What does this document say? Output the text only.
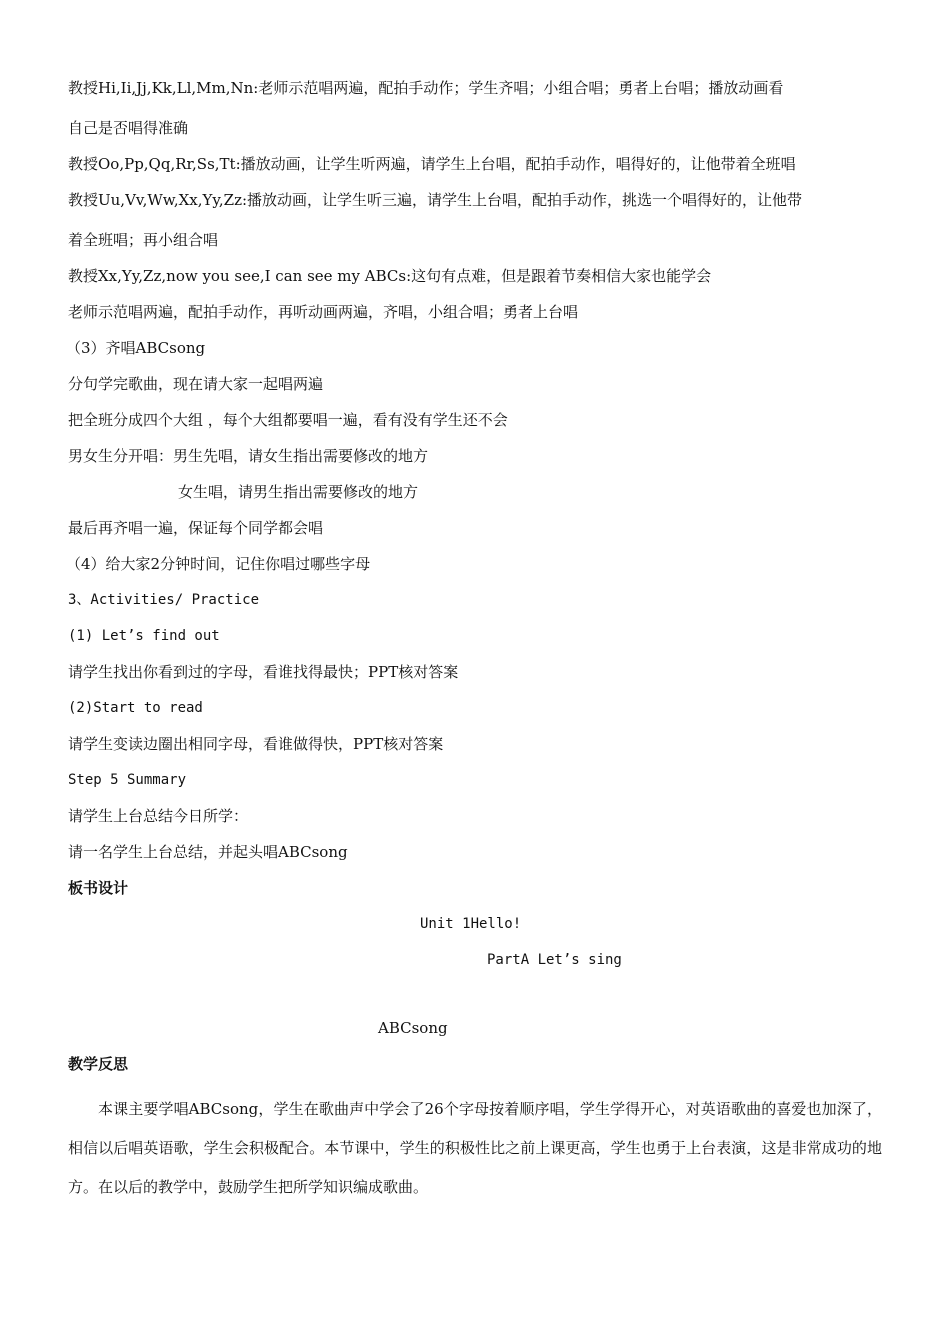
教授Hi,Ii,Jj,Kk,Ll,Mm,Nn:老师示范唱两遍，配拍手动作；学生齐唱；小组合唱；勇者上台唱；播放动画看
自己是否唱得准确
教授Oo,Pp,Qq,Rr,Ss,Tt:播放动画，让学生听两遍，请学生上台唱，配拍手动作，唱得好的，让他带着全班唱
教授Uu,Vv,Ww,Xx,Yy,Zz:播放动画，让学生听三遍，请学生上台唱，配拍手动作，挑选一个唱得好的，让他带
着全班唱；再小组合唱
教授Xx,Yy,Zz,now you see,I can see my ABCs:这句有点难，但是跟着节奏相信大家也能学会
老师示范唱两遍，配拍手动作，再听动画两遍，齐唱，小组合唱；勇者上台唱
（3）齐唱ABCsong
分句学完歌曲，现在请大家一起唱两遍
把全班分成四个大组 ，每个大组都要唱一遍，看有没有学生还不会
男女生分开唱：男生先唱，请女生指出需要修改的地方
女生唱，请男生指出需要修改的地方
最后再齐唱一遍，保证每个同学都会唱
（4）给大家2分钟时间，记住你唱过哪些字母
3、Activities/ Practice
(1) Let’s find out
请学生找出你看到过的字母，看谁找得最快；PPT核对答案
(2)Start to read
请学生变读边圈出相同字母，看谁做得快，PPT核对答案
Step 5 Summary
请学生上台总结今日所学：
请一名学生上台总结，并起头唱ABCsong
板书设计
Unit 1Hello!
PartA Let’s sing
ABCsong
教学反思
本课主要学唱ABCsong，学生在歌曲声中学会了26个字母按着顺序唱，学生学得开心，对英语歌曲的喜爱也加深了，相信以后唱英语歌，学生会积极配合。本节课中，学生的积极性比之前上课更高，学生也勇于上台表演，这是非常成功的地方。在以后的教学中，鼓励学生把所学知识编成歌曲。
